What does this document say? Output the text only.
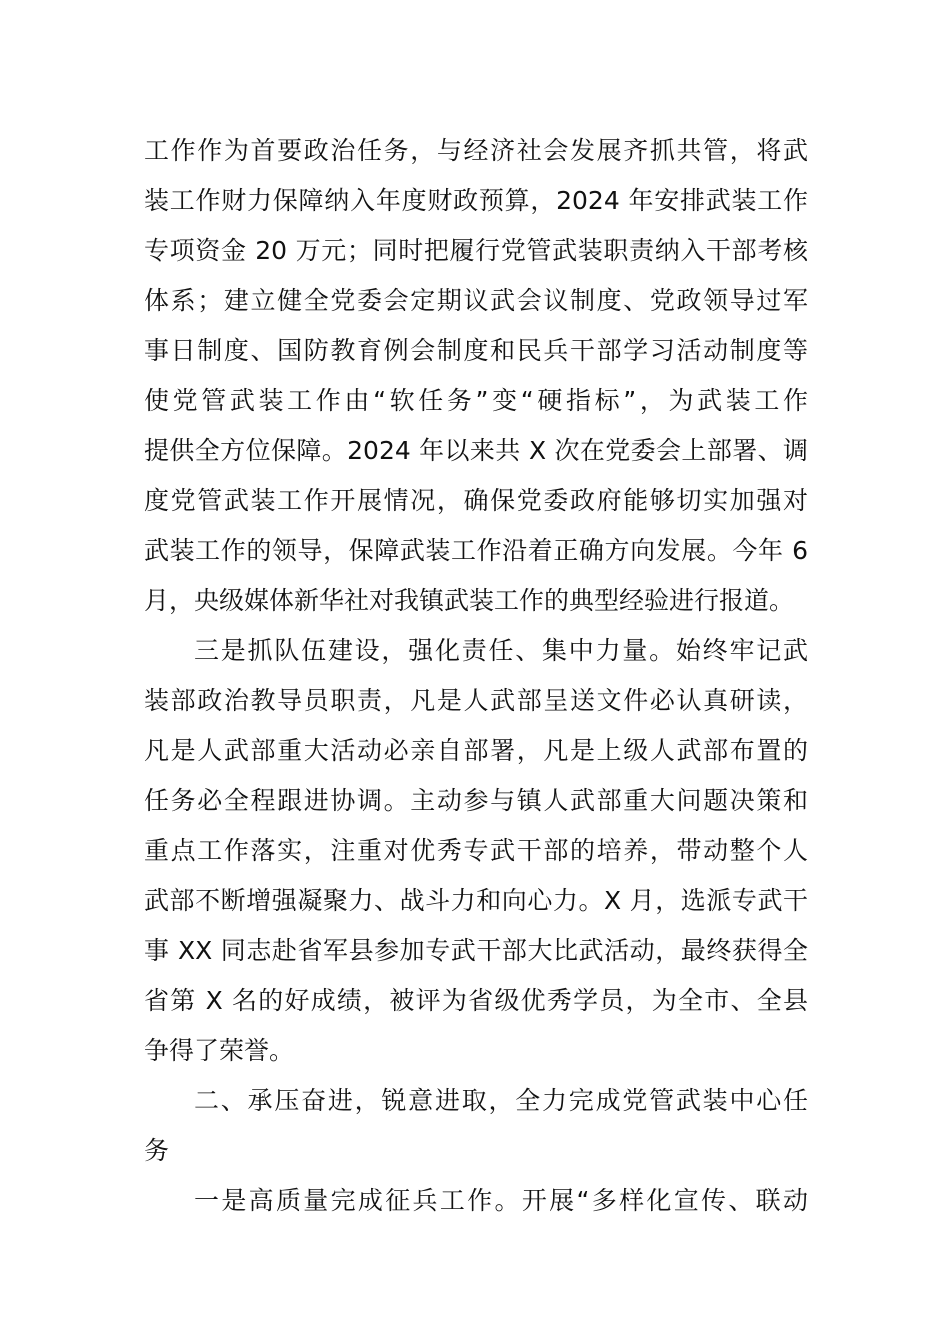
工作作为首要政治任务，与经济社会发展齐抓共管，将武
装工作财力保障纳入年度财政预算，2024 年安排武装工作
专项资金 20 万元；同时把履行党管武装职责纳入干部考核
体系；建立健全党委会定期议武会议制度、党政领导过军
事日制度、国防教育例会制度和民兵干部学习活动制度等
使党管武装工作由“软任务”变“硬指标”，为武装工作
提供全方位保障。2024 年以来共 X 次在党委会上部署、调
度党管武装工作开展情况，确保党委政府能够切实加强对
武装工作的领导，保障武装工作沿着正确方向发展。今年 6
月，央级媒体新华社对我镇武装工作的典型经验进行报道。
三是抓队伍建设，强化责任、集中力量。始终牢记武
装部政治教导员职责，凡是人武部呈送文件必认真研读，
凡是人武部重大活动必亲自部署，凡是上级人武部布置的
任务必全程跟进协调。主动参与镇人武部重大问题决策和
重点工作落实，注重对优秀专武干部的培养，带动整个人
武部不断增强凝聚力、战斗力和向心力。X 月，选派专武干
事 XX 同志赴省军县参加专武干部大比武活动，最终获得全
省第 X 名的好成绩，被评为省级优秀学员，为全市、全县
争得了荣誉。
二、承压奋进，锐意进取，全力完成党管武装中心任
务
一是高质量完成征兵工作。开展“多样化宣传、联动
